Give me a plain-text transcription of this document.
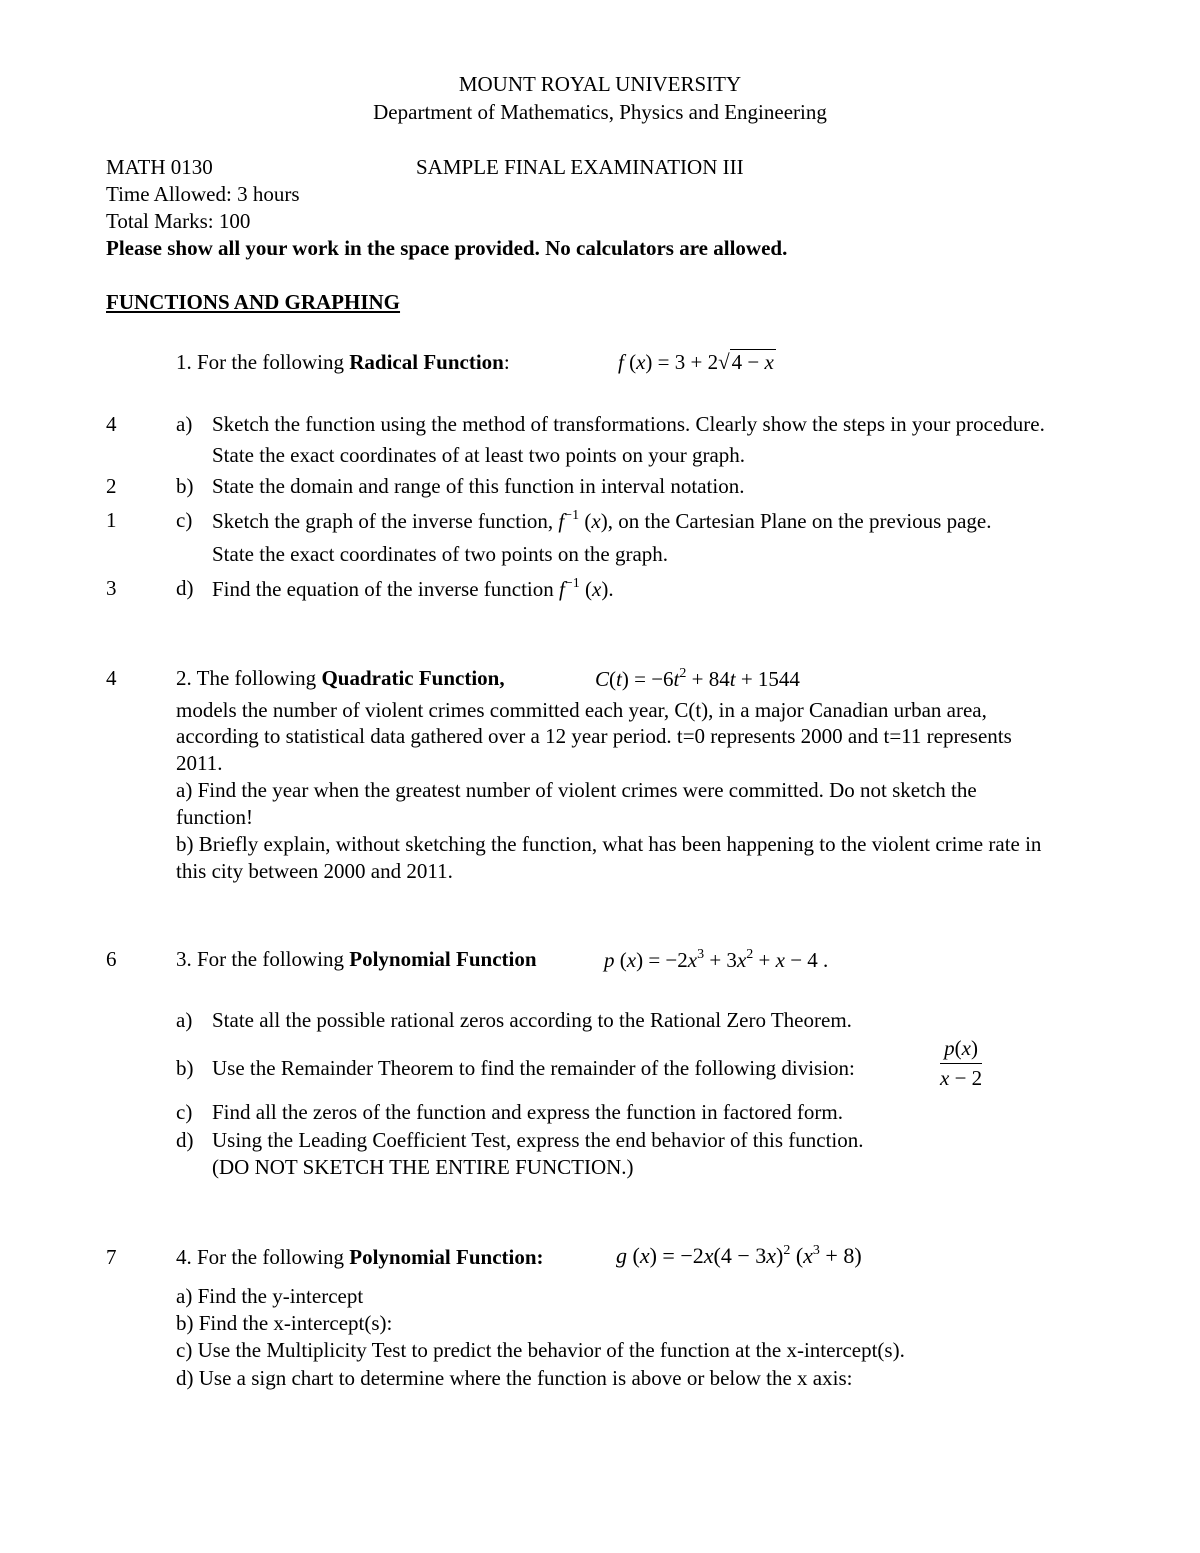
MOUNT ROYAL UNIVERSITY
Department of Mathematics, Physics and Engineering
MATH 0130	SAMPLE FINAL EXAMINATION III
Time Allowed: 3 hours
Total Marks: 100
Please show all your work in the space provided. No calculators are allowed.
FUNCTIONS AND GRAPHING
1. For the following Radical Function:	f (x) = 3 + 2√4 − x
4	a) Sketch the function using the method of transformations. Clearly show the steps in your procedure.
State the exact coordinates of at least two points on your graph.
2	b) State the domain and range of this function in interval notation.
1	c) Sketch the graph of the inverse function, $f^{-1}$ (x), on the Cartesian Plane on the previous page.
State the exact coordinates of two points on the graph.
3	d) Find the equation of the inverse function $f^{-1}$ (x).
4	2. The following Quadratic Function,	$C(t) = -6t^2 + 84t + 1544$
models the number of violent crimes committed each year, C(t), in a major Canadian urban area,
according to statistical data gathered over a 12 year period. t=0 represents 2000 and t=11 represents
2011.
a) Find the year when the greatest number of violent crimes were committed. Do not sketch the
function!
b) Briefly explain, without sketching the function, what has been happening to the violent crime rate in
this city between 2000 and 2011.
6	3. For the following Polynomial Function	p $(x) = -2x^3 + 3x^2 + x - 4$ .
a) State all the possible rational zeros according to the Rational Zero Theorem.
b) Use the Remainder Theorem to find the remainder of the following division:	$\frac{p(x)}{x - 2}$
c) Find all the zeros of the function and express the function in factored form.
d) Using the Leading Coefficient Test, express the end behavior of this function.
(DO NOT SKETCH THE ENTIRE FUNCTION.)
7	4. For the following Polynomial Function:	g $(x) = -2x(4 - 3x)^2$ $(x^3 + 8)$
a) Find the y-intercept
b) Find the x-intercept(s):
c) Use the Multiplicity Test to predict the behavior of the function at the x-intercept(s).
d) Use a sign chart to determine where the function is above or below the x axis:
